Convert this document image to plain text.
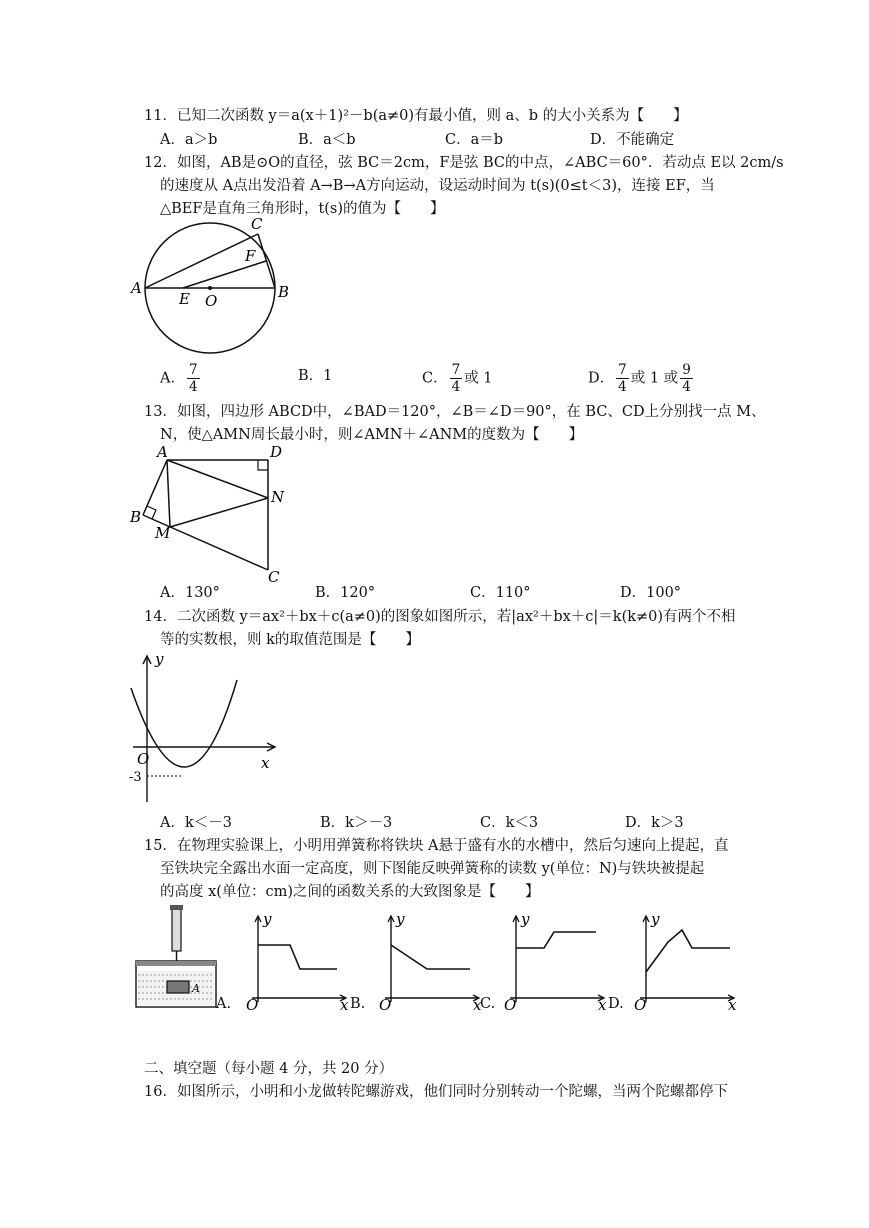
11．已知二次函数 y＝a(x＋1)²－b(a≠0)有最小值，则 a、b 的大小关系为【　　】
A．a＞b	B．a＜b	C．a＝b	D．不能确定
12．如图，AB是⊙O的直径，弦 BC＝2cm，F是弦 BC的中点，∠ABC＝60°．若动点 E以 2cm/s
的速度从 A点出发沿着 A→B→A方向运动，设运动时间为 t(s)(0≤t＜3)，连接 EF，当
△BEF是直角三角形时，t(s)的值为【　　】
A	B
C
E
F
O
A． $\frac{7}{4}$	B．1	C． $\frac{7}{4}$ 或 1	D． $\frac{7}{4}$ 或 1 或 $\frac{9}{4}$
13．如图，四边形 ABCD中，∠BAD＝120°，∠B＝∠D＝90°，在 BC、CD上分别找一点 M、
N，使△AMN周长最小时，则∠AMN＋∠ANM的度数为【　　】
A	D
N
B
M
C
A．130°	B．120°	C．110°	D．100°
14．二次函数 y＝ax²＋bx＋c(a≠0)的图象如图所示，若|ax²＋bx＋c|＝k(k≠0)有两个不相
等的实数根，则 k的取值范围是【　　】
y
O	x
-3
A．k＜－3	B．k＞－3	C．k＜3	D．k＞3
15．在物理实验课上，小明用弹簧称将铁块 A悬于盛有水的水槽中，然后匀速向上提起，直
至铁块完全露出水面一定高度，则下图能反映弹簧称的读数 y(单位：N)与铁块被提起
的高度 x(单位：cm)之间的函数关系的大致图象是【　　】
A
A.
y
O	x B.
y
O	x
C.
y
O	x D.
y
O	x
二、填空题（每小题 4 分，共 20 分）
16．如图所示，小明和小龙做转陀螺游戏，他们同时分别转动一个陀螺，当两个陀螺都停下
